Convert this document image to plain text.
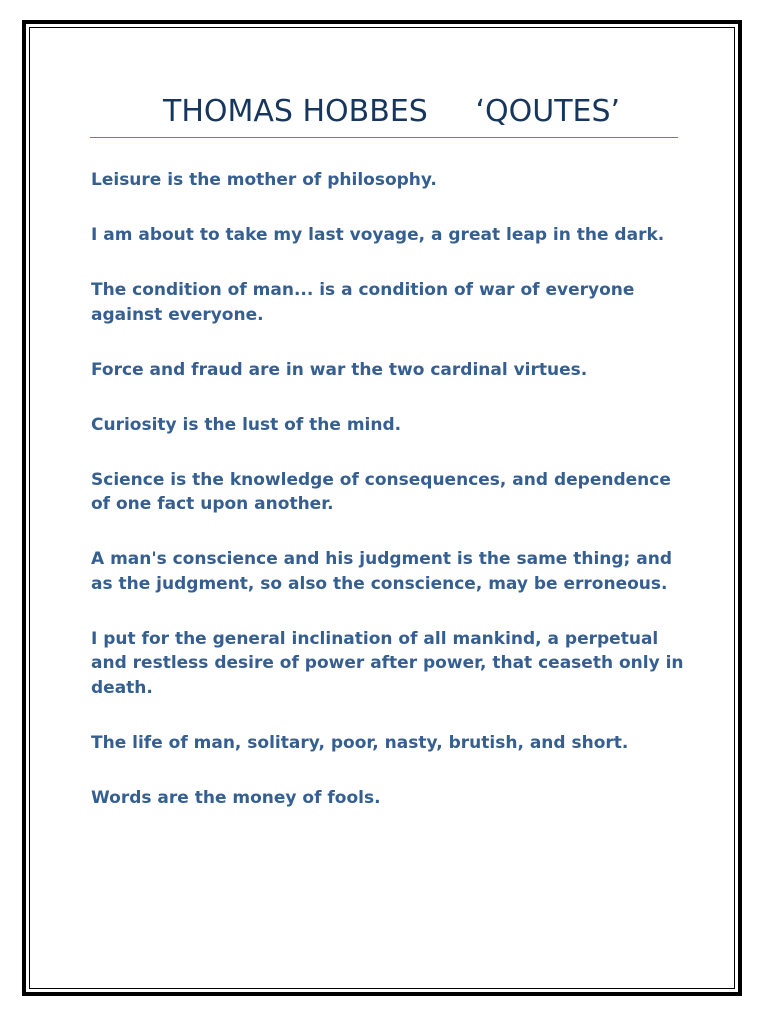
THOMAS HOBBES     ‘QOUTES’
Leisure is the mother of philosophy.
I am about to take my last voyage, a great leap in the dark.
The condition of man... is a condition of war of everyone against everyone.
Force and fraud are in war the two cardinal virtues.
Curiosity is the lust of the mind.
Science is the knowledge of consequences, and dependence of one fact upon another.
A man's conscience and his judgment is the same thing; and as the judgment, so also the conscience, may be erroneous.
I put for the general inclination of all mankind, a perpetual and restless desire of power after power, that ceaseth only in death.
The life of man, solitary, poor, nasty, brutish, and short.
Words are the money of fools.
